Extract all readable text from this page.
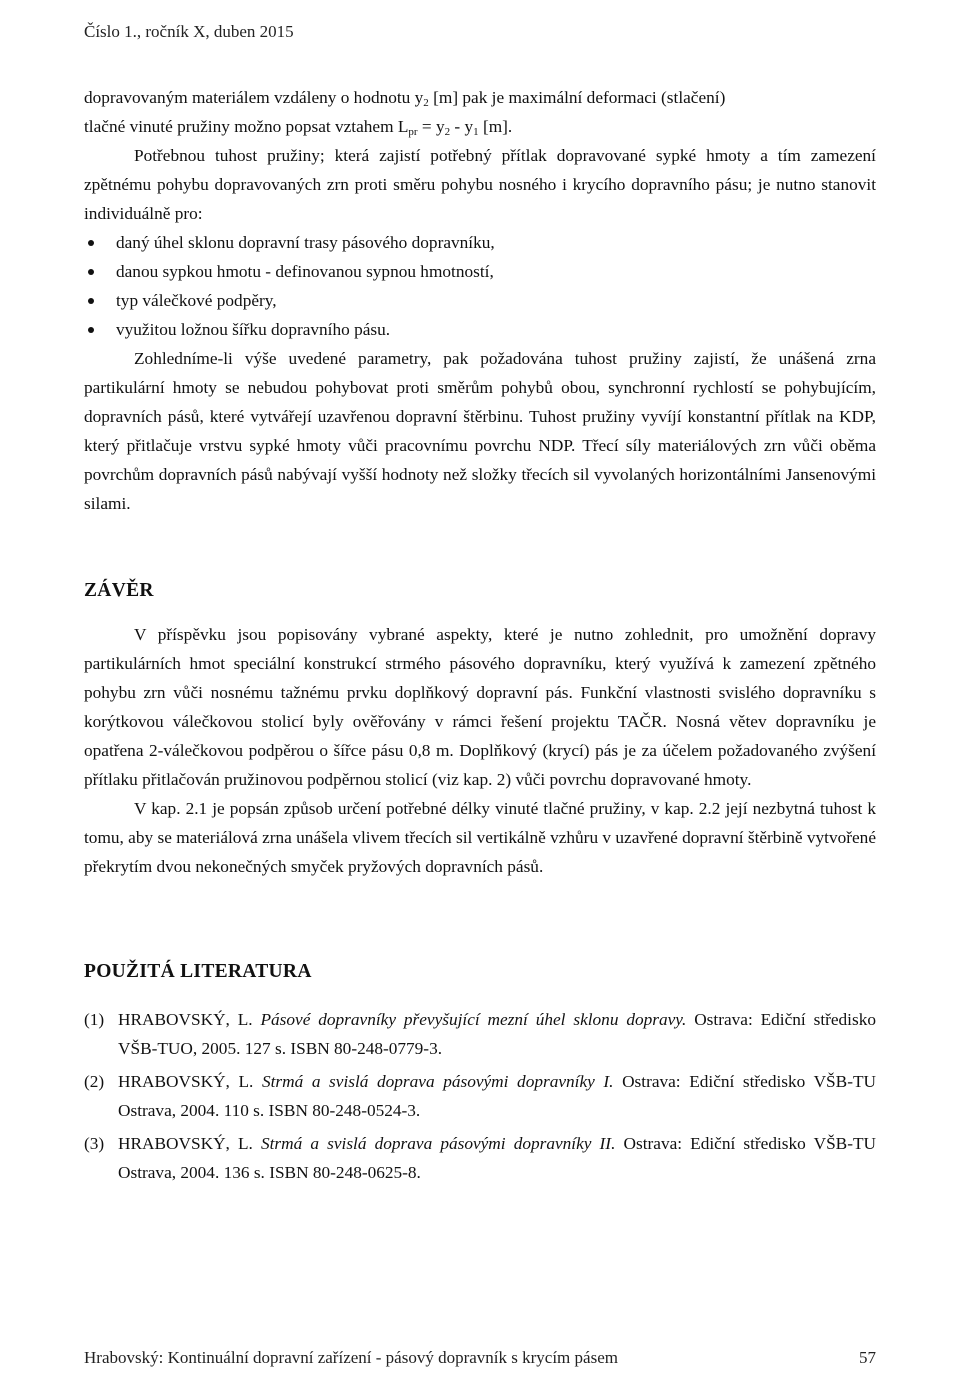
Číslo 1., ročník X, duben 2015

dopravovaným materiálem vzdáleny o hodnotu $y_2$ [m] pak je maximální deformaci (stlačení)

tlačné vinuté pružiny možno popsat vztahem $L_{pr} = y_2 - y_1$ [m].

Potřebnou tuhost pružiny; která zajistí potřebný přítlak dopravované sypké hmoty a tím zamezení zpětnému pohybu dopravovaných zrn proti směru pohybu nosného i krycího dopravního pásu; je nutno stanovit individuálně pro:

daný úhel sklonu dopravní trasy pásového dopravníku,
danou sypkou hmotu - definovanou sypnou hmotností,
typ válečkové podpěry,
využitou ložnou šířku dopravního pásu.

Zohledníme-li výše uvedené parametry, pak požadována tuhost pružiny zajistí, že unášená zrna partikulární hmoty se nebudou pohybovat proti směrům pohybů obou, synchronní rychlostí se pohybujícím, dopravních pásů, které vytvářejí uzavřenou dopravní štěrbinu. Tuhost pružiny vyvíjí konstantní přítlak na KDP, který přitlačuje vrstvu sypké hmoty vůči pracovnímu povrchu NDP. Třecí síly materiálových zrn vůči oběma povrchům dopravních pásů nabývají vyšší hodnoty než složky třecích sil vyvolaných horizontálními Jansenovými silami.

ZÁVĚR

V příspěvku jsou popisovány vybrané aspekty, které je nutno zohlednit, pro umožnění dopravy partikulárních hmot speciální konstrukcí strmého pásového dopravníku, který využívá k zamezení zpětného pohybu zrn vůči nosnému tažnému prvku doplňkový dopravní pás. Funkční vlastnosti svislého dopravníku s korýtkovou válečkovou stolicí byly ověřovány v rámci řešení projektu TAČR. Nosná větev dopravníku je opatřena 2-válečkovou podpěrou o šířce pásu 0,8 m. Doplňkový (krycí) pás je za účelem požadovaného zvýšení přítlaku přitlačován pružinovou podpěrnou stolicí (viz kap. 2) vůči povrchu dopravované hmoty.

V kap. 2.1 je popsán způsob určení potřebné délky vinuté tlačné pružiny, v kap. 2.2 její nezbytná tuhost k tomu, aby se materiálová zrna unášela vlivem třecích sil vertikálně vzhůru v uzavřené dopravní štěrbině vytvořené překrytím dvou nekonečných smyček pryžových dopravních pásů.

POUŽITÁ LITERATURA
(1) HRABOVSKÝ, L. Pásové dopravníky převyšující mezní úhel sklonu dopravy. Ostrava: Ediční středisko VŠB-TUO, 2005. 127 s. ISBN 80-248-0779-3.
(2) HRABOVSKÝ, L. Strmá a svislá doprava pásovými dopravníky I. Ostrava: Ediční středisko VŠB-TU Ostrava, 2004. 110 s. ISBN 80-248-0524-3.
(3) HRABOVSKÝ, L. Strmá a svislá doprava pásovými dopravníky II. Ostrava: Ediční středisko VŠB-TU Ostrava, 2004. 136 s. ISBN 80-248-0625-8.
Hrabovský: Kontinuální dopravní zařízení - pásový dopravník s krycím pásem	57
